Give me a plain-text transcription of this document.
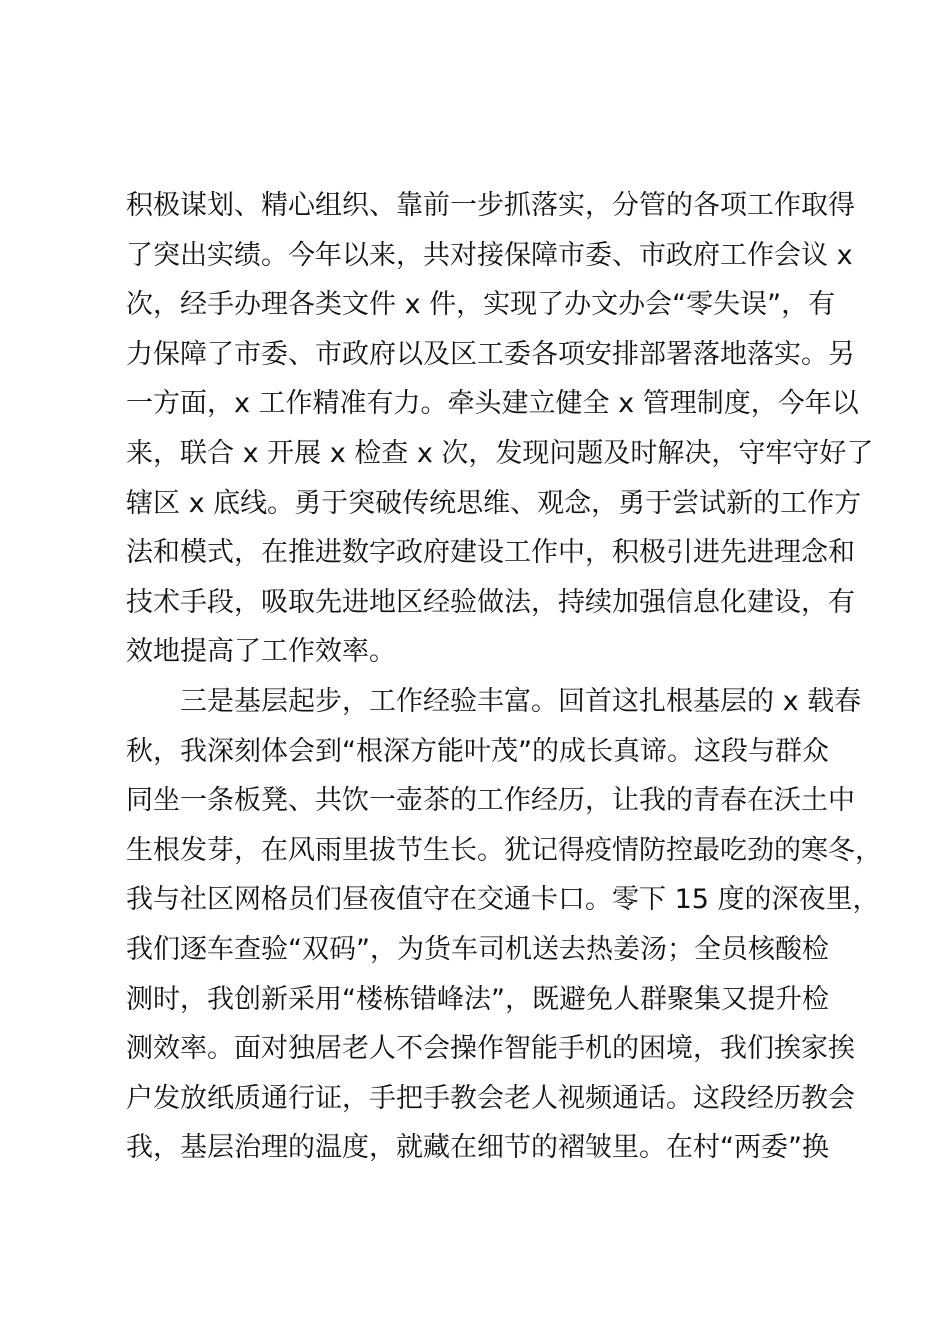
积极谋划、精心组织、靠前一步抓落实，分管的各项工作取得
了突出实绩。今年以来，共对接保障市委、市政府工作会议 x
次，经手办理各类文件 x 件，实现了办文办会“零失误”，有
力保障了市委、市政府以及区工委各项安排部署落地落实。另
一方面，x 工作精准有力。牵头建立健全 x 管理制度，今年以
来，联合 x 开展 x 检查 x 次，发现问题及时解决，守牢守好了
辖区 x 底线。勇于突破传统思维、观念，勇于尝试新的工作方
法和模式，在推进数字政府建设工作中，积极引进先进理念和
技术手段，吸取先进地区经验做法，持续加强信息化建设，有
效地提高了工作效率。
三是基层起步，工作经验丰富。回首这扎根基层的 x 载春
秋，我深刻体会到“根深方能叶茂”的成长真谛。这段与群众
同坐一条板凳、共饮一壶茶的工作经历，让我的青春在沃土中
生根发芽，在风雨里拔节生长。犹记得疫情防控最吃劲的寒冬，
我与社区网格员们昼夜值守在交通卡口。零下 15 度的深夜里，
我们逐车查验“双码”，为货车司机送去热姜汤；全员核酸检
测时，我创新采用“楼栋错峰法”，既避免人群聚集又提升检
测效率。面对独居老人不会操作智能手机的困境，我们挨家挨
户发放纸质通行证，手把手教会老人视频通话。这段经历教会
我，基层治理的温度，就藏在细节的褶皱里。在村“两委”换
